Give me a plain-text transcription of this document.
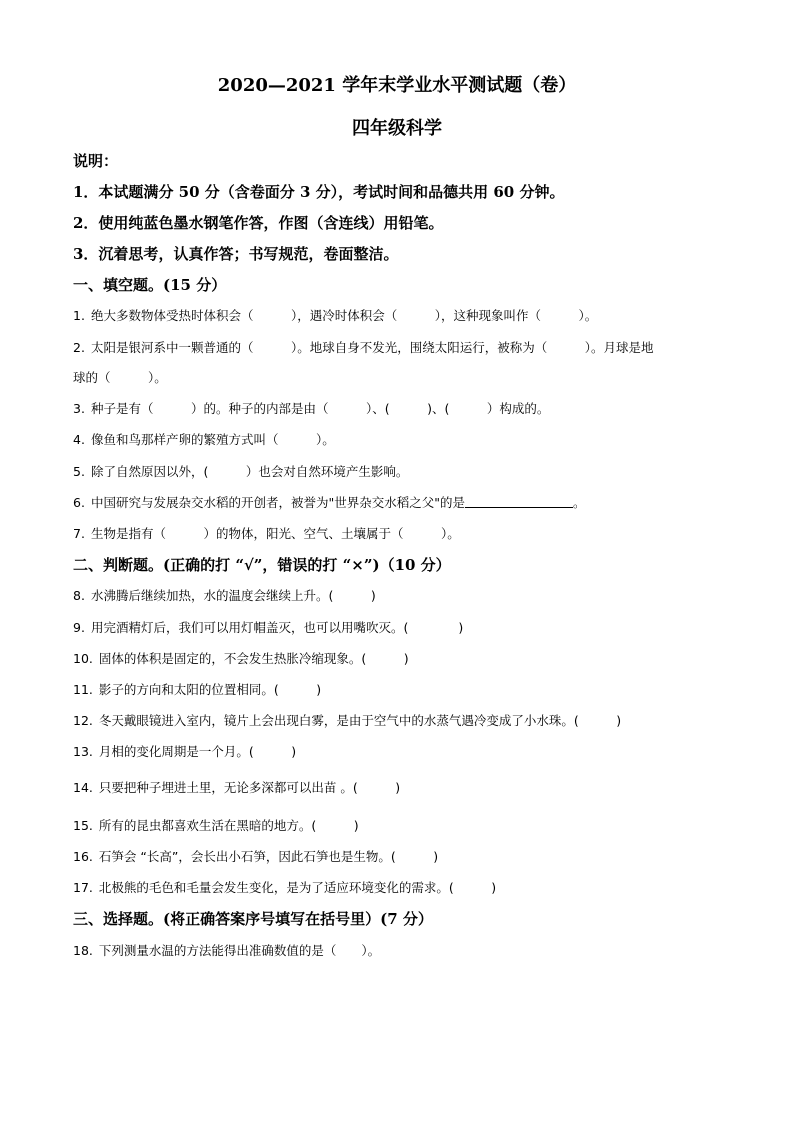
2020—2021 学年末学业水平测试题（卷）
四年级科学
说明：
1．本试题满分 50 分（含卷面分 3 分），考试时间和品德共用 60 分钟。
2．使用纯蓝色墨水钢笔作答，作图（含连线）用铅笔。
3．沉着思考，认真作答；书写规范，卷面整洁。
一、填空题。(15 分）
1. 绝大多数物体受热时体积会（　　　），遇冷时体积会（　　　），这种现象叫作（　　　）。
2. 太阳是银河系中一颗普通的（　　　）。地球自身不发光，围绕太阳运行，被称为（　　　）。月球是地
球的（　　　）。
3. 种子是有（　　　）的。种子的内部是由（　　　）、(　　　)、(　　　）构成的。
4. 像鱼和鸟那样产卵的繁殖方式叫（　　　）。
5. 除了自然原因以外，(　　　）也会对自然环境产生影响。
6. 中国研究与发展杂交水稻的开创者，被誉为"世界杂交水稻之父"的是	。
7. 生物是指有（　　　）的物体，阳光、空气、土壤属于（　　　）。
二、判断题。(正确的打 “√”，错误的打 “×”)（10 分）
8. 水沸腾后继续加热，水的温度会继续上升。(　　　)
9. 用完酒精灯后，我们可以用灯帽盖灭，也可以用嘴吹灭。(　　　　)
10. 固体的体积是固定的，不会发生热胀冷缩现象。(　　　)
11. 影子的方向和太阳的位置相同。(　　　)
12. 冬天戴眼镜进入室内，镜片上会出现白雾，是由于空气中的水蒸气遇冷变成了小水珠。(　　　)
13. 月相的变化周期是一个月。(　　　)
14. 只要把种子埋进土里，无论多深都可以出苗 。(　　　)
15. 所有的昆虫都喜欢生活在黑暗的地方。(　　　)
16. 石笋会 “长高”，会长出小石笋，因此石笋也是生物。(　　　)
17. 北极熊的毛色和毛量会发生变化，是为了适应环境变化的需求。(　　　)
三、选择题。(将正确答案序号填写在括号里）(7 分）
18. 下列测量水温的方法能得出准确数值的是（　　）。
